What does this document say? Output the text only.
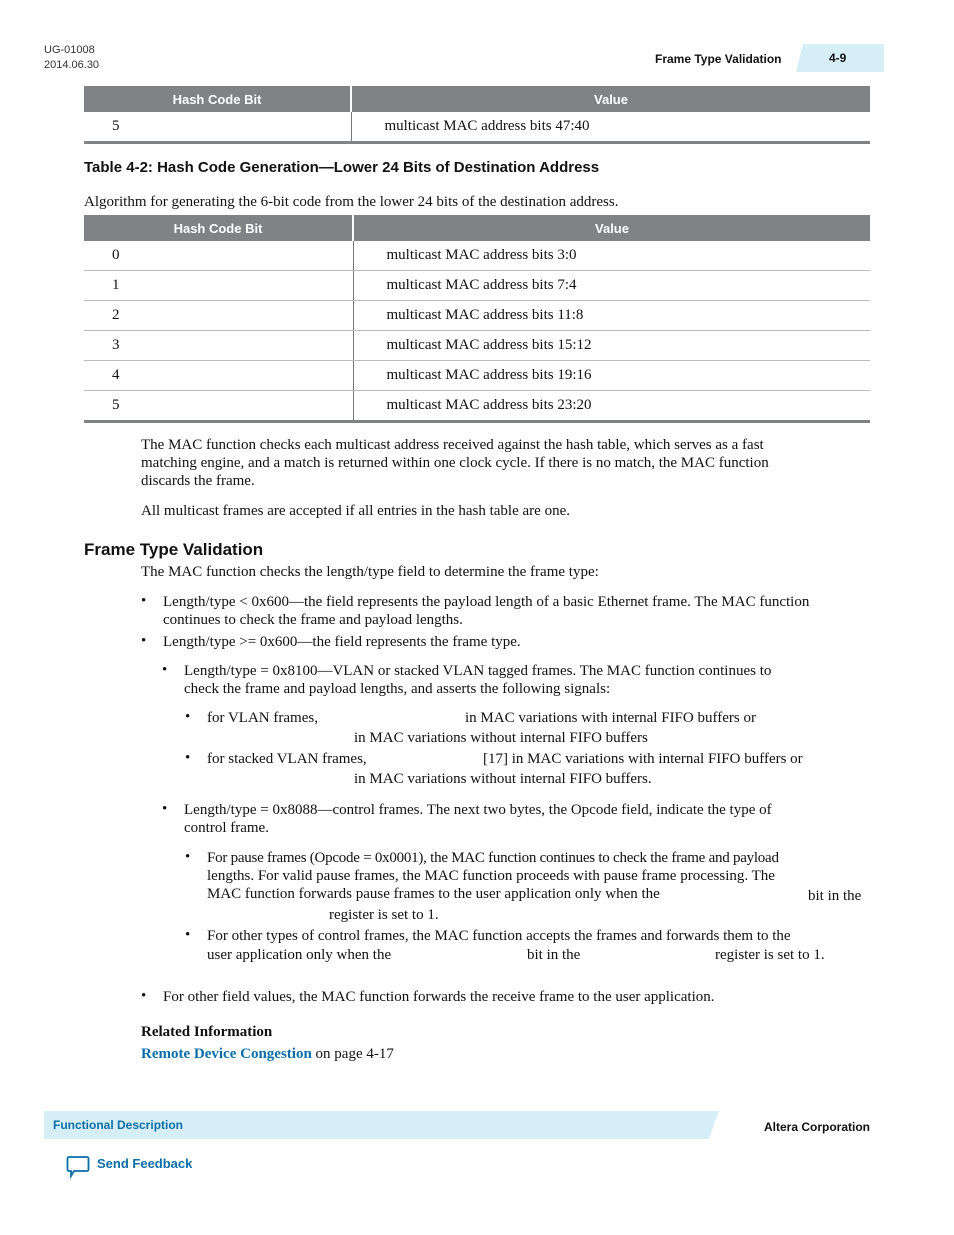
UG-01008
2014.06.30	Frame Type Validation	4-9
Hash Code Bit	Value
5	multicast MAC address bits 47:40
Table 4-2: Hash Code Generation—Lower 24 Bits of Destination Address
Algorithm for generating the 6-bit code from the lower 24 bits of the destination address.
Hash Code Bit	Value
0	multicast MAC address bits 3:0
1	multicast MAC address bits 7:4
2	multicast MAC address bits 11:8
3	multicast MAC address bits 15:12
4	multicast MAC address bits 19:16
5	multicast MAC address bits 23:20
The MAC function checks each multicast address received against the hash table, which serves as a fast
matching engine, and a match is returned within one clock cycle. If there is no match, the MAC function
discards the frame.
All multicast frames are accepted if all entries in the hash table are one.
Frame Type Validation
The MAC function checks the length/type field to determine the frame type:
• Length/type < 0x600—the field represents the payload length of a basic Ethernet frame. The MAC function
continues to check the frame and payload lengths.
• Length/type >= 0x600—the field represents the frame type.
• Length/type = 0x8100—VLAN or stacked VLAN tagged frames. The MAC function continues to
check the frame and payload lengths, and asserts the following signals:
• for VLAN frames,	in MAC variations with internal FIFO buffers or
in MAC variations without internal FIFO buffers
• for stacked VLAN frames,	[17] in MAC variations with internal FIFO buffers or
in MAC variations without internal FIFO buffers.
• Length/type = 0x8088—control frames. The next two bytes, the Opcode field, indicate the type of
control frame.
• For pause frames (Opcode = 0x0001), the MAC function continues to check the frame and payload
lengths. For valid pause frames, the MAC function proceeds with pause frame processing. The
MAC function forwards pause frames to the user application only when the	bit in the
register is set to 1.
• For other types of control frames, the MAC function accepts the frames and forwards them to the
user application only when the	bit in the	register is set to 1.
• For other field values, the MAC function forwards the receive frame to the user application.
Related Information
Remote Device Congestion on page 4-17
Functional Description	Altera Corporation
Send Feedback
